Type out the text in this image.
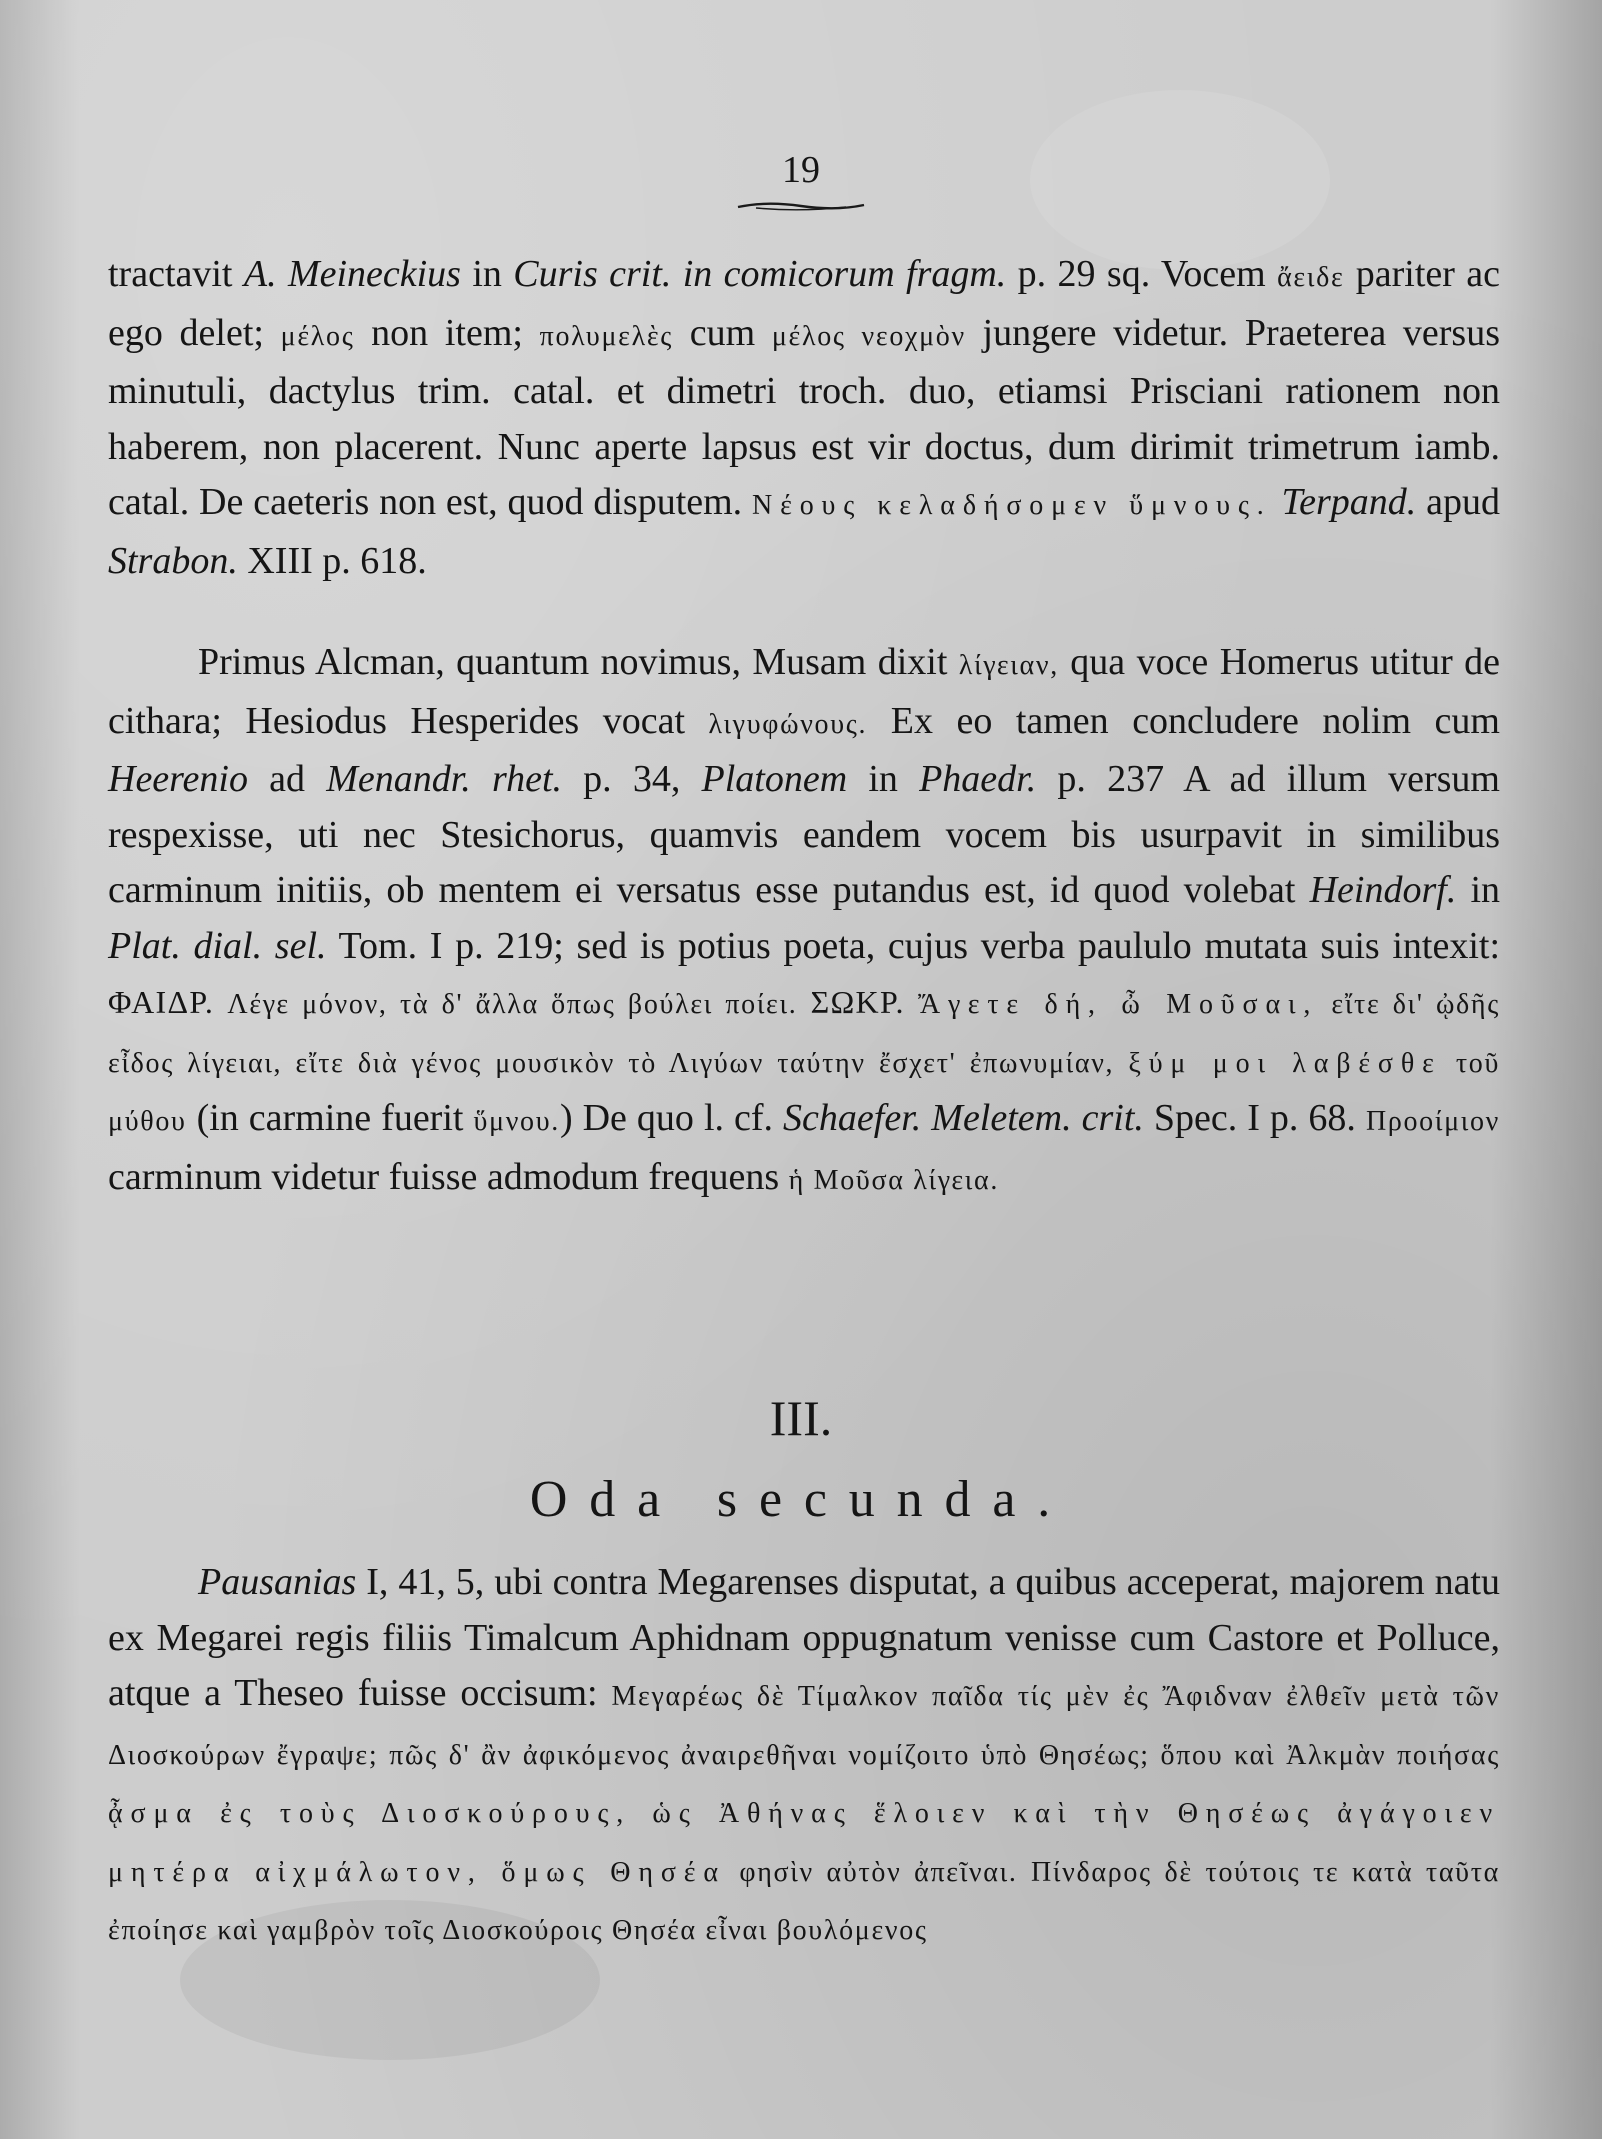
19

tractavit A. Meineckius in Curis crit. in comicorum fragm. p. 29 sq. Vocem ἄειδε pariter ac ego delet; μέλος non item; πολυμελὲς cum μέλος νεοχμὸν jungere videtur. Praeterea versus minutuli, dactylus trim. catal. et dimetri troch. duo, etiamsi Prisciani rationem non haberem, non placerent. Nunc aperte lapsus est vir doctus, dum dirimit trimetrum iamb. catal. De caeteris non est, quod disputem. Νέους κελαδήσομεν ὕμνους. Terpand. apud Strabon. XIII p. 618.

Primus Alcman, quantum novimus, Musam dixit λίγειαν, qua voce Homerus utitur de cithara; Hesiodus Hesperides vocat λιγυφώνους. Ex eo tamen concludere nolim cum Heerenio ad Menandr. rhet. p. 34, Platonem in Phaedr. p. 237 A ad illum versum respexisse, uti nec Stesichorus, quamvis eandem vocem bis usurpavit in similibus carminum initiis, ob mentem ei versatus esse putandus est, id quod volebat Heindorf. in Plat. dial. sel. Tom. I p. 219; sed is potius poeta, cujus verba paululo mutata suis intexit: ΦΑΙΔΡ. Λέγε μόνον, τὰ δ' ἄλλα ὅπως βούλει ποίει. ΣΩΚΡ. Ἄγετε δή, ὦ Μοῦσαι, εἴτε δι' ᾠδῆς εἶδος λίγειαι, εἴτε διὰ γένος μουσικὸν τὸ Λιγύων ταύτην ἔσχετ' ἐπωνυμίαν, ξύμ μοι λαβέσθε τοῦ μύθου (in carmine fuerit ὕμνου.) De quo l. cf. Schaefer. Meletem. crit. Spec. I p. 68. Προοίμιον carminum videtur fuisse admodum frequens ἡ Μοῦσα λίγεια.

III.
Oda secunda.

Pausanias I, 41, 5, ubi contra Megarenses disputat, a quibus acceperat, majorem natu ex Megarei regis filiis Timalcum Aphidnam oppugnatum venisse cum Castore et Polluce, atque a Theseo fuisse occisum: Μεγαρέως δὲ Τίμαλκον παῖδα τίς μὲν ἐς Ἄφιδναν ἐλθεῖν μετὰ τῶν Διοσκούρων ἔγραψε; πῶς δ' ἂν ἀφικόμενος ἀναιρεθῆναι νομίζοιτο ὑπὸ Θησέως; ὅπου καὶ Ἀλκμὰν ποιήσας ᾆσμα ἐς τοὺς Διοσκούρους, ὡς Ἀθήνας ἕλοιεν καὶ τὴν Θησέως ἀγάγοιεν μητέρα αἰχμάλωτον, ὅμως Θησέα φησὶν αὐτὸν ἀπεῖναι. Πίνδαρος δὲ τούτοις τε κατὰ ταῦτα ἐποίησε καὶ γαμβρὸν τοῖς Διοσκούροις Θησέα εἶναι βουλόμενος
